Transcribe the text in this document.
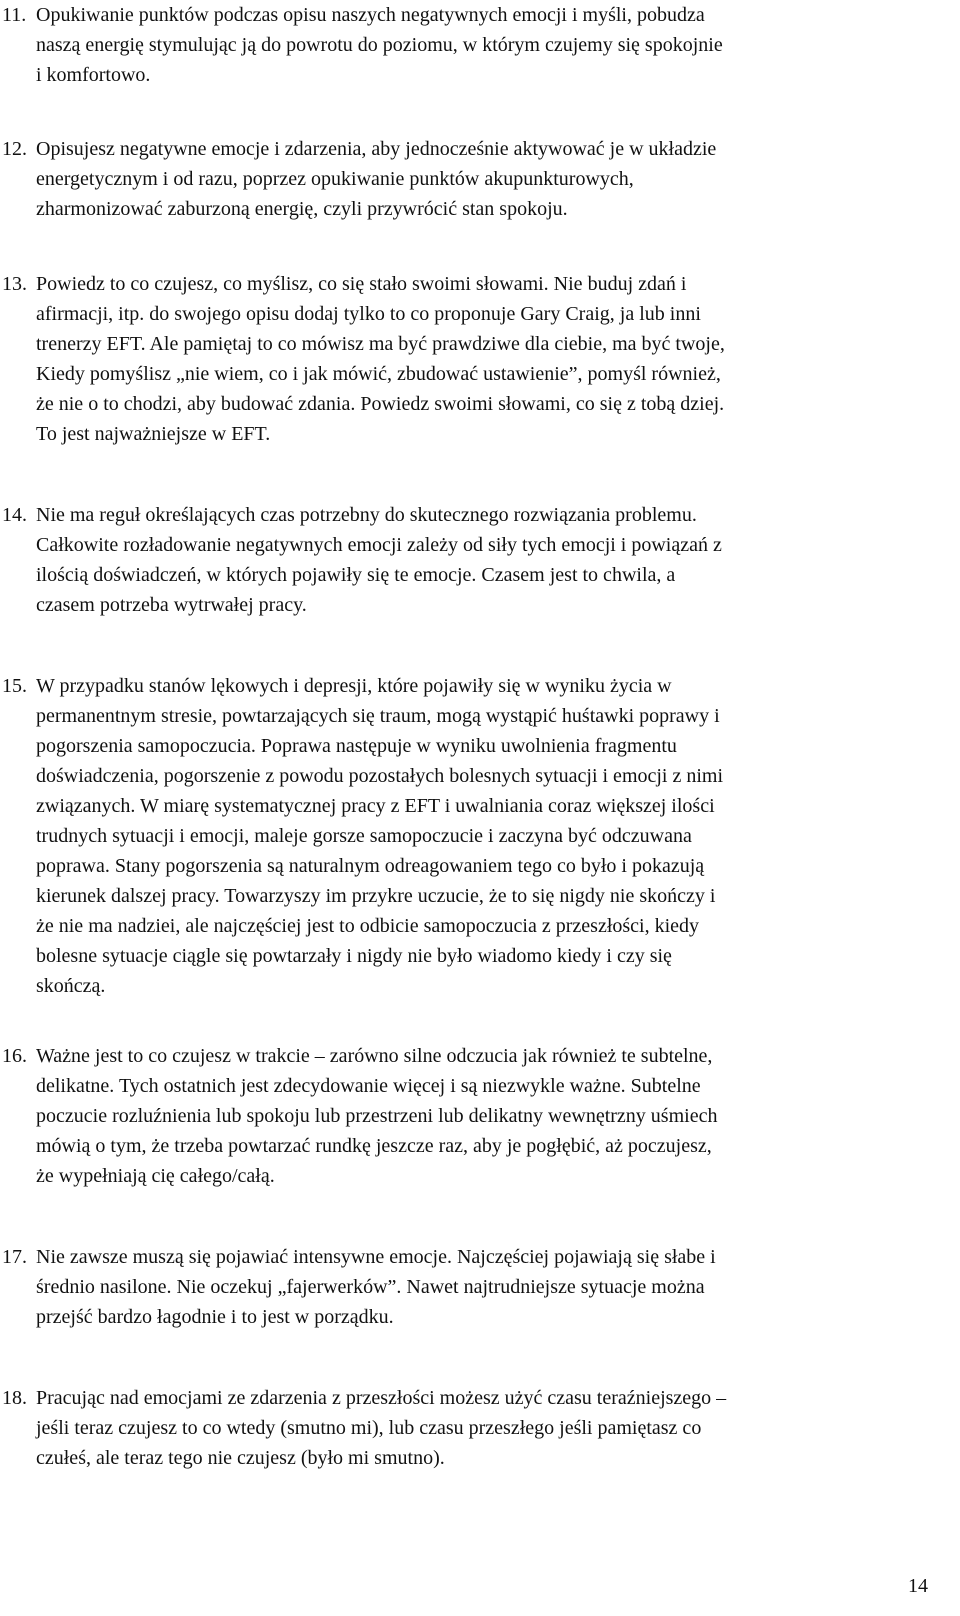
11. Opukiwanie punktów podczas opisu naszych negatywnych emocji i myśli, pobudza
naszą energię stymulując ją do powrotu do poziomu, w którym czujemy się spokojnie
i komfortowo.
12. Opisujesz negatywne emocje i zdarzenia, aby jednocześnie aktywować je w układzie
energetycznym i od razu, poprzez opukiwanie punktów akupunkturowych,
zharmonizować zaburzoną energię, czyli przywrócić stan spokoju.
13. Powiedz to co czujesz, co myślisz, co się stało swoimi słowami. Nie buduj zdań i
afirmacji, itp. do swojego opisu dodaj tylko to co proponuje Gary Craig, ja lub inni
trenerzy EFT. Ale pamiętaj to co mówisz ma być prawdziwe dla ciebie, ma być twoje,
Kiedy pomyślisz „nie wiem, co i jak mówić, zbudować ustawienie”, pomyśl również,
że nie o to chodzi, aby budować zdania. Powiedz swoimi słowami, co się z tobą dziej.
To jest najważniejsze w EFT.
14. Nie ma reguł określających czas potrzebny do skutecznego rozwiązania problemu.
Całkowite rozładowanie negatywnych emocji zależy od siły tych emocji i powiązań z
ilością doświadczeń, w których pojawiły się te emocje. Czasem jest to chwila, a
czasem potrzeba wytrwałej pracy.
15. W przypadku stanów lękowych i depresji, które pojawiły się w wyniku życia w
permanentnym stresie, powtarzających się traum, mogą wystąpić huśtawki poprawy i
pogorszenia samopoczucia. Poprawa następuje w wyniku uwolnienia fragmentu
doświadczenia, pogorszenie z powodu pozostałych bolesnych sytuacji i emocji z nimi
związanych. W miarę systematycznej pracy z EFT i uwalniania coraz większej ilości
trudnych sytuacji i emocji, maleje gorsze samopoczucie i zaczyna być odczuwana
poprawa. Stany pogorszenia są naturalnym odreagowaniem tego co było i pokazują
kierunek dalszej pracy. Towarzyszy im przykre uczucie, że to się nigdy nie skończy i
że nie ma nadziei, ale najczęściej jest to odbicie samopoczucia z przeszłości, kiedy
bolesne sytuacje ciągle się powtarzały i nigdy nie było wiadomo kiedy i czy się
skończą.
16. Ważne jest to co czujesz w trakcie – zarówno silne odczucia jak również te subtelne,
delikatne. Tych ostatnich jest zdecydowanie więcej i są niezwykle ważne. Subtelne
poczucie rozluźnienia lub spokoju lub przestrzeni lub delikatny wewnętrzny uśmiech
mówią o tym, że trzeba powtarzać rundkę jeszcze raz, aby je pogłębić, aż poczujesz,
że wypełniają cię całego/całą.
17. Nie zawsze muszą się pojawiać intensywne emocje. Najczęściej pojawiają się słabe i
średnio nasilone. Nie oczekuj „fajerwerków”. Nawet najtrudniejsze sytuacje można
przejść bardzo łagodnie i to jest w porządku.
18. Pracując nad emocjami ze zdarzenia z przeszłości możesz użyć czasu teraźniejszego –
jeśli teraz czujesz to co wtedy (smutno mi), lub czasu przeszłego jeśli pamiętasz co
czułeś, ale teraz tego nie czujesz (było mi smutno).
14
